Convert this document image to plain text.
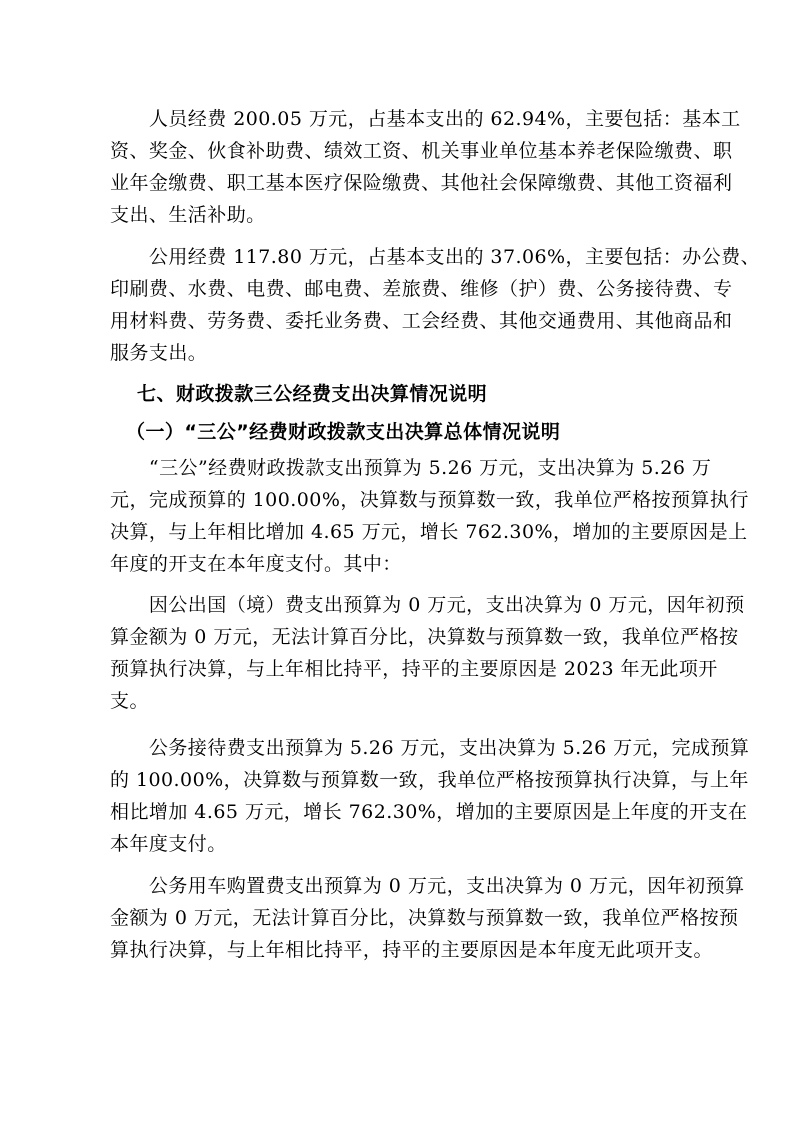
　　人员经费 200.05 万元，占基本支出的 62.94%，主要包括：基本工
资、奖金、伙食补助费、绩效工资、机关事业单位基本养老保险缴费、职
业年金缴费、职工基本医疗保险缴费、其他社会保障缴费、其他工资福利
支出、生活补助。
　　公用经费 117.80 万元，占基本支出的 37.06%，主要包括：办公费、
印刷费、水费、电费、邮电费、差旅费、维修（护）费、公务接待费、专
用材料费、劳务费、委托业务费、工会经费、其他交通费用、其他商品和
服务支出。
七、财政拨款三公经费支出决算情况说明
（一）“三公”经费财政拨款支出决算总体情况说明
　　“三公”经费财政拨款支出预算为 5.26 万元，支出决算为 5.26 万
元，完成预算的 100.00%，决算数与预算数一致，我单位严格按预算执行
决算，与上年相比增加 4.65 万元，增长 762.30%，增加的主要原因是上
年度的开支在本年度支付。其中：
　　因公出国（境）费支出预算为 0 万元，支出决算为 0 万元，因年初预
算金额为 0 万元，无法计算百分比，决算数与预算数一致，我单位严格按
预算执行决算，与上年相比持平，持平的主要原因是 2023 年无此项开
支。
　　公务接待费支出预算为 5.26 万元，支出决算为 5.26 万元，完成预算
的 100.00%，决算数与预算数一致，我单位严格按预算执行决算，与上年
相比增加 4.65 万元，增长 762.30%，增加的主要原因是上年度的开支在
本年度支付。
　　公务用车购置费支出预算为 0 万元，支出决算为 0 万元，因年初预算
金额为 0 万元，无法计算百分比，决算数与预算数一致，我单位严格按预
算执行决算，与上年相比持平，持平的主要原因是本年度无此项开支。
